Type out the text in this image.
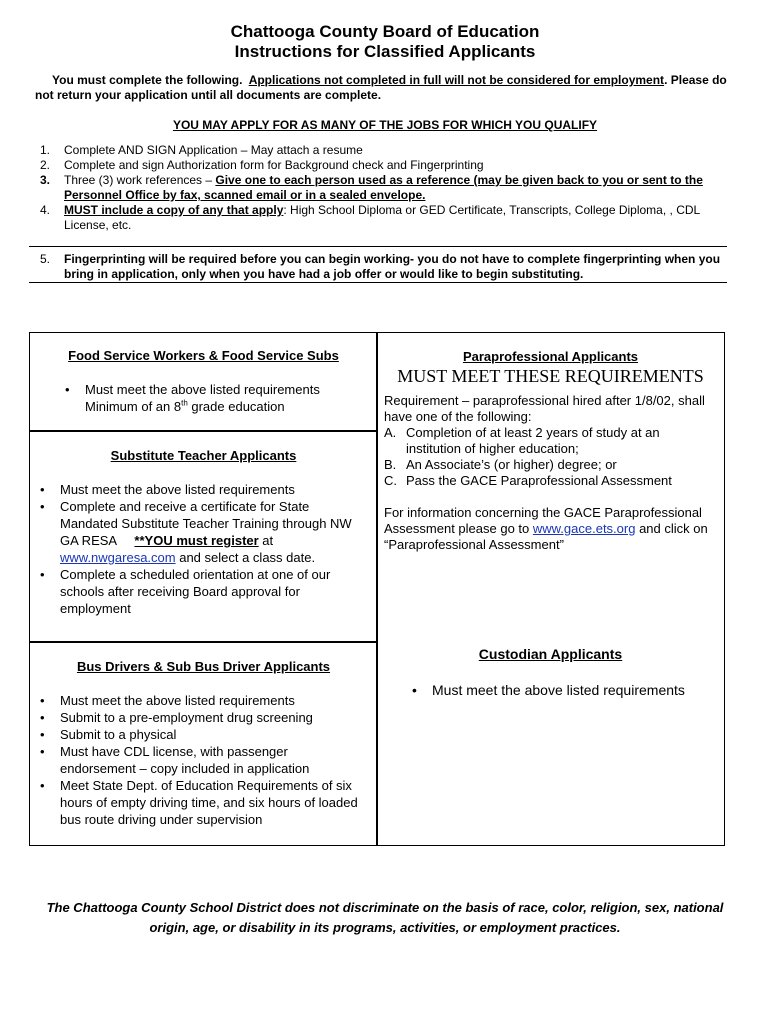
Chattooga County Board of Education
Instructions for Classified Applicants
You must complete the following. Applications not completed in full will not be considered for employment. Please do not return your application until all documents are complete.
YOU MAY APPLY FOR AS MANY OF THE JOBS FOR WHICH YOU QUALIFY
1. Complete AND SIGN Application – May attach a resume
2. Complete and sign Authorization form for Background check and Fingerprinting
3. Three (3) work references – Give one to each person used as a reference (may be given back to you or sent to the Personnel Office by fax, scanned email or in a sealed envelope.
4. MUST include a copy of any that apply: High School Diploma or GED Certificate, Transcripts, College Diploma, , CDL License, etc.
5. Fingerprinting will be required before you can begin working- you do not have to complete fingerprinting when you bring in application, only when you have had a job offer or would like to begin substituting.
Food Service Workers & Food Service Subs
• Must meet the above listed requirements
Minimum of an 8th grade education
Substitute Teacher Applicants
• Must meet the above listed requirements
• Complete and receive a certificate for State Mandated Substitute Teacher Training through NW GA RESA     **YOU must register at www.nwgaresa.com and select a class date.
• Complete a scheduled orientation at one of our schools after receiving Board approval for employment
Bus Drivers & Sub Bus Driver Applicants
• Must meet the above listed requirements
• Submit to a pre-employment drug screening
• Submit to a physical
• Must have CDL license, with passenger endorsement – copy included in application
• Meet State Dept. of Education Requirements of six hours of empty driving time, and six hours of loaded bus route driving under supervision
Paraprofessional Applicants
MUST MEET THESE REQUIREMENTS
Requirement – paraprofessional hired after 1/8/02, shall have one of the following:
A. Completion of at least 2 years of study at an institution of higher education;
B. An Associate’s (or higher) degree; or
C. Pass the GACE Paraprofessional Assessment
For information concerning the GACE Paraprofessional Assessment please go to www.gace.ets.org and click on “Paraprofessional Assessment”
Custodian Applicants
• Must meet the above listed requirements
The Chattooga County School District does not discriminate on the basis of race, color, religion, sex, national
origin, age, or disability in its programs, activities, or employment practices.
